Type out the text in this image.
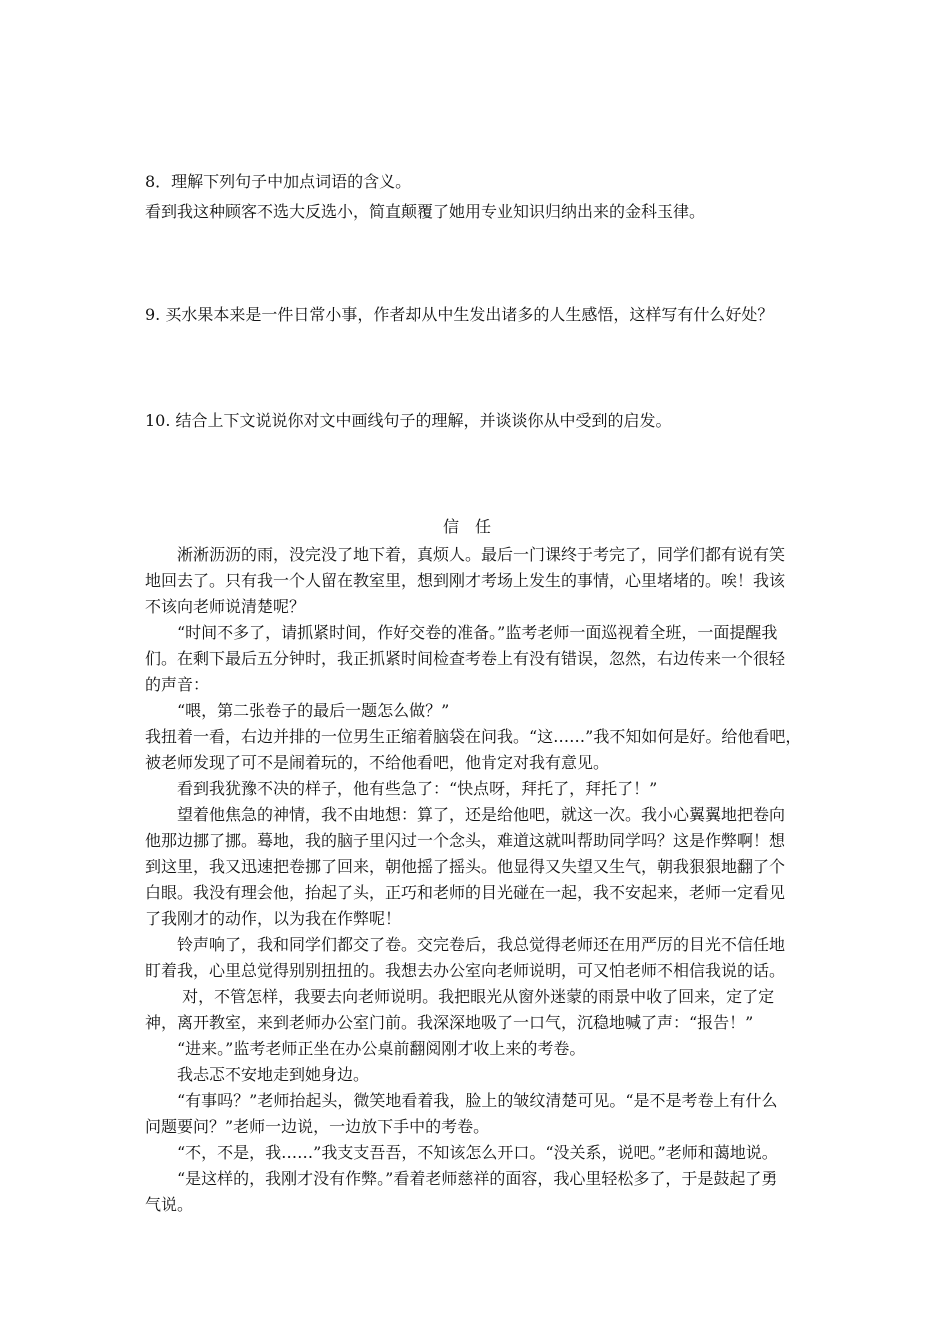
8．理解下列句子中加点词语的含义。
看到我这种顾客不选大反选小，简直颠覆了她用专业知识归纳出来的金科玉律。
9. 买水果本来是一件日常小事，作者却从中生发出诸多的人生感悟，这样写有什么好处？
10. 结合上下文说说你对文中画线句子的理解，并谈谈你从中受到的启发。
信任
　　淅淅沥沥的雨，没完没了地下着，真烦人。最后一门课终于考完了，同学们都有说有笑
地回去了。只有我一个人留在教室里，想到刚才考场上发生的事情，心里堵堵的。唉！我该
不该向老师说清楚呢？
　　“时间不多了，请抓紧时间，作好交卷的准备。”监考老师一面巡视着全班，一面提醒我
们。在剩下最后五分钟时，我正抓紧时间检查考卷上有没有错误，忽然，右边传来一个很轻
的声音：
　　“喂，第二张卷子的最后一题怎么做？”
我扭着一看，右边并排的一位男生正缩着脑袋在问我。“这……”我不知如何是好。给他看吧，
被老师发现了可不是闹着玩的，不给他看吧，他肯定对我有意见。
　　看到我犹豫不决的样子，他有些急了：“快点呀，拜托了，拜托了！”
　　望着他焦急的神情，我不由地想：算了，还是给他吧，就这一次。我小心翼翼地把卷向
他那边挪了挪。蓦地，我的脑子里闪过一个念头，难道这就叫帮助同学吗？这是作弊啊！想
到这里，我又迅速把卷挪了回来，朝他摇了摇头。他显得又失望又生气，朝我狠狠地翻了个
白眼。我没有理会他，抬起了头，正巧和老师的目光碰在一起，我不安起来，老师一定看见
了我刚才的动作，以为我在作弊呢！
　　铃声响了，我和同学们都交了卷。交完卷后，我总觉得老师还在用严厉的目光不信任地
盯着我，心里总觉得别别扭扭的。我想去办公室向老师说明，可又怕老师不相信我说的话。
　　 对，不管怎样，我要去向老师说明。我把眼光从窗外迷蒙的雨景中收了回来，定了定
神，离开教室，来到老师办公室门前。我深深地吸了一口气，沉稳地喊了声：“报告！”
　　“进来。”监考老师正坐在办公桌前翻阅刚才收上来的考卷。
　　我忐忑不安地走到她身边。
　　“有事吗？”老师抬起头，微笑地看着我，脸上的皱纹清楚可见。“是不是考卷上有什么
问题要问？”老师一边说，一边放下手中的考卷。
　　“不，不是，我……”我支支吾吾，不知该怎么开口。“没关系，说吧。”老师和蔼地说。
　　“是这样的，我刚才没有作弊。”看着老师慈祥的面容，我心里轻松多了，于是鼓起了勇
气说。
